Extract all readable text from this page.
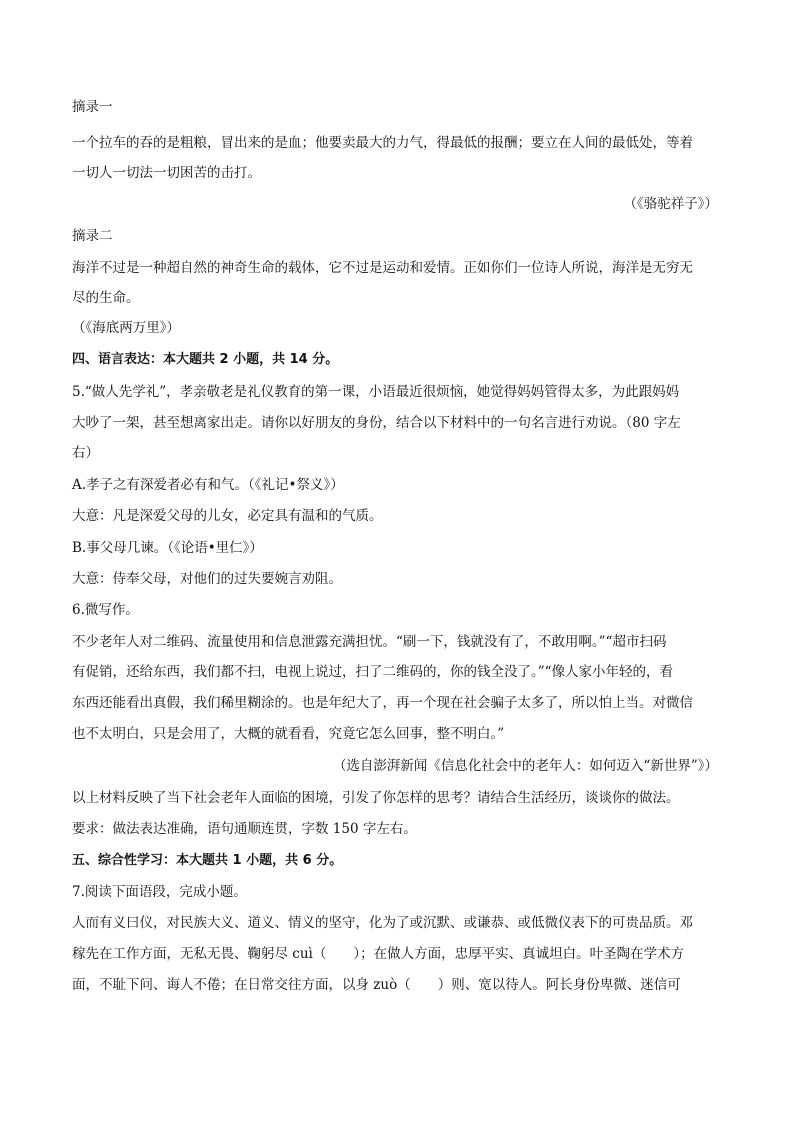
摘录一
一个拉车的吞的是粗粮，冒出来的是血；他要卖最大的力气，得最低的报酬；要立在人间的最低处，等着
一切人一切法一切困苦的击打。
（《骆驼祥子》）
摘录二
海洋不过是一种超自然的神奇生命的载体，它不过是运动和爱情。正如你们一位诗人所说，海洋是无穷无
尽的生命。
（《海底两万里》）
四、语言表达：本大题共 2 小题，共 14 分。
5.“做人先学礼”，孝亲敬老是礼仪教育的第一课，小语最近很烦恼，她觉得妈妈管得太多，为此跟妈妈
大吵了一架，甚至想离家出走。请你以好朋友的身份，结合以下材料中的一句名言进行劝说。（80 字左
右）
A.孝子之有深爱者必有和气。（《礼记•祭义》）
大意：凡是深爱父母的儿女，必定具有温和的气质。
B.事父母几谏。（《论语•里仁》）
大意：侍奉父母，对他们的过失要婉言劝阻。
6.微写作。
不少老年人对二维码、流量使用和信息泄露充满担忧。“刷一下，钱就没有了，不敢用啊。”“超市扫码
有促销，还给东西，我们都不扫，电视上说过，扫了二维码的，你的钱全没了。”“像人家小年轻的，看
东西还能看出真假，我们稀里糊涂的。也是年纪大了，再一个现在社会骗子太多了，所以怕上当。对微信
也不太明白，只是会用了，大概的就看看，究竟它怎么回事，整不明白。”
（选自澎湃新闻《信息化社会中的老年人：如何迈入“新世界”》）
以上材料反映了当下社会老年人面临的困境，引发了你怎样的思考？请结合生活经历，谈谈你的做法。
要求：做法表达准确，语句通顺连贯，字数 150 字左右。
五、综合性学习：本大题共 1 小题，共 6 分。
7.阅读下面语段，完成小题。
人而有义曰仪，对民族大义、道义、情义的坚守，化为了或沉默、或谦恭、或低微仪表下的可贵品质。邓
稼先在工作方面，无私无畏、鞠躬尽 cuì（　　）；在做人方面，忠厚平实、真诚坦白。叶圣陶在学术方
面，不耻下问、诲人不倦；在日常交往方面，以身 zuò（　　）则、宽以待人。阿长身份卑微、迷信可
